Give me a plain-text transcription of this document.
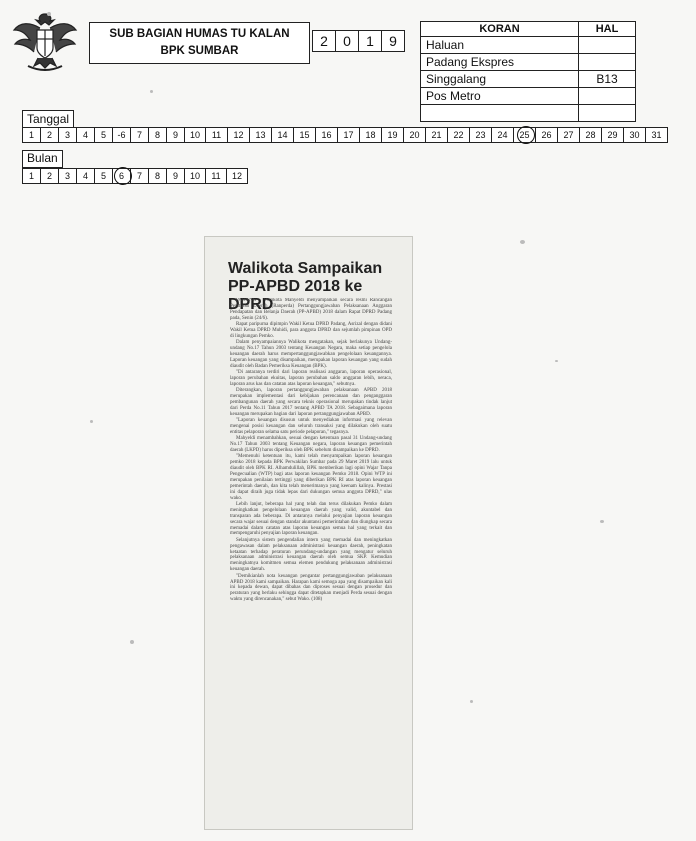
SUB BAGIAN HUMAS TU KALAN
BPK SUMBAR
2	0	1	9
KORAN	HAL
Haluan	
Padang Ekspres	
Singgalang	B13
Pos Metro	

Tanggal
1	2	3	4	5	-6	7	8	9	10	11	12	13	14	15	16	17	18	19	20	21	22	23	24	25	26	27	28	29	30	31
Bulan
1	2	3	4	5	6	7	8	9	10	11	12
Walikota Sampaikan
PP-APBD 2018 ke DPRD

PADANG - Walikota Mahyeldi menyampaikan secara resmi Rancangan Peraturan Daerah (Ranperda) Pertanggungjawaban Pelaksanaan Anggaran Pendapatan dan Belanja Daerah (PP-APBD) 2018 dalam Rapat DPRD Padang pada, Senin (24/6).

Rapat paripurna dipimpin Wakil Ketua DPRD Padang, Asrizal dengan didani Wakil Ketua DPRD Muhidi, para anggota DPRD dan sejumlah pimpinan OPD di lingkungan Pemko.

Dalam penyampaiannya Walikota mengatakan, sejak berlakunya Undang-undang No.17 Tahun 2003 tentang Keuangan Negara, maka setiap pengelola keuangan daerah harus mempertanggungjawabkan pengelolaan keuangannya. Laporan keuangan yang disampaikan, merupakan laporan keuangan yang sudah diaudit oleh Badan Pemeriksa Keuangan (BPK).

"Di antaranya terdiri dari laporan realisasi anggaran, laporan operasional, laporan perubahan ekuitas, laporan perubahan saldo anggaran lebih, neraca, laporan arus kas dan catatan atas laporan keuangan," sebutnya.

Diterangkan, laporan pertanggungjawaban pelaksanaan APBD 2018 merupakan implementasi dari kebijakan perencanaan dan penganggaran pembangunan daerah yang secara teknis operasional merupakan tindak lanjut dari Perda No.11 Tahun 2017 tentang APBD TA 2018. Sebagaimana laporan keuangan merupakan bagian dari laporan pertanggungjawaban APBD.

"Laporan keuangan disusun untuk menyediakan informasi yang relevan mengenai posisi keuangan dan seluruh transaksi yang dilakukan oleh suatu entitas pelaporan selama satu periode pelaporan," tegasnya.

Mahyeldi menambahkan, sesuai dengan ketentuan pasal 31 Undang-undang No.17 Tahun 2003 tentang Keuangan negara, laporan keuangan pemerintah daerah (LKPD) harus diperiksa oleh BPK sebelum disampaikan ke DPRD.

"Memenuhi ketentuan itu, kami telah menyampaikan laporan keuangan pemko 2018 kepada BPK Perwakilan Sumbar pada 29 Maret 2019 lalu untuk diaudit oleh BPK RI. Alhamdulillah, BPK memberikan lagi opini Wajar Tanpa Pengecualian (WTP) bagi atas laporan keuangan Pemko 2018. Opini WTP ini merupakan penilaian tertinggi yang diberikan BPK RI atas laporan keuangan pemerintah daerah, dan kita telah menerimanya yang keenam kalinya. Prestasi ini dapat diraih juga tidak lepas dari dukungan semua anggota DPRD," ulas wako.

Lebih lanjut, beberapa hal yang telah dan terus dilakukan Pemko dalam meningkatkan pengelolaan keuangan daerah yang valid, akuntabel dan transparan ada beberapa. Di antaranya melalui penyajian laporan keuangan secara wajar sesuai dengan standar akuntansi pemerintahan dan diungkap secara memadai dalam catatan atas laporan keuangan semua hal yang terkait dan mempengaruhi penyajian laporan keuangan.

Selanjutnya sistem pengendalian intern yang memadai dan meningkatkan pengawasan dalam pelaksanaan administrasi keuangan daerah, peningkatan ketaatan terhadap peraturan perundang-undangan yang mengatur seluruh pelaksanaan administrasi keuangan daerah oleh semua SKP. Kemudian meningkatnya komitmen semua elemen pendukung pelaksanaan administrasi keuangan daerah.

"Demikianlah nota keuangan pengantar pertanggungjawaban pelaksanaan APBD 2018 kami sampaikan. Harapan kami semoga apa yang disampaikan kali ini kepada dewan, dapat dibahas dan diproses sesuai dengan prosedur dan peraturan yang berlaku sehingga dapat ditetapkan menjadi Perda sesuai dengan waktu yang direncanakan," sebut Wako. (108)
